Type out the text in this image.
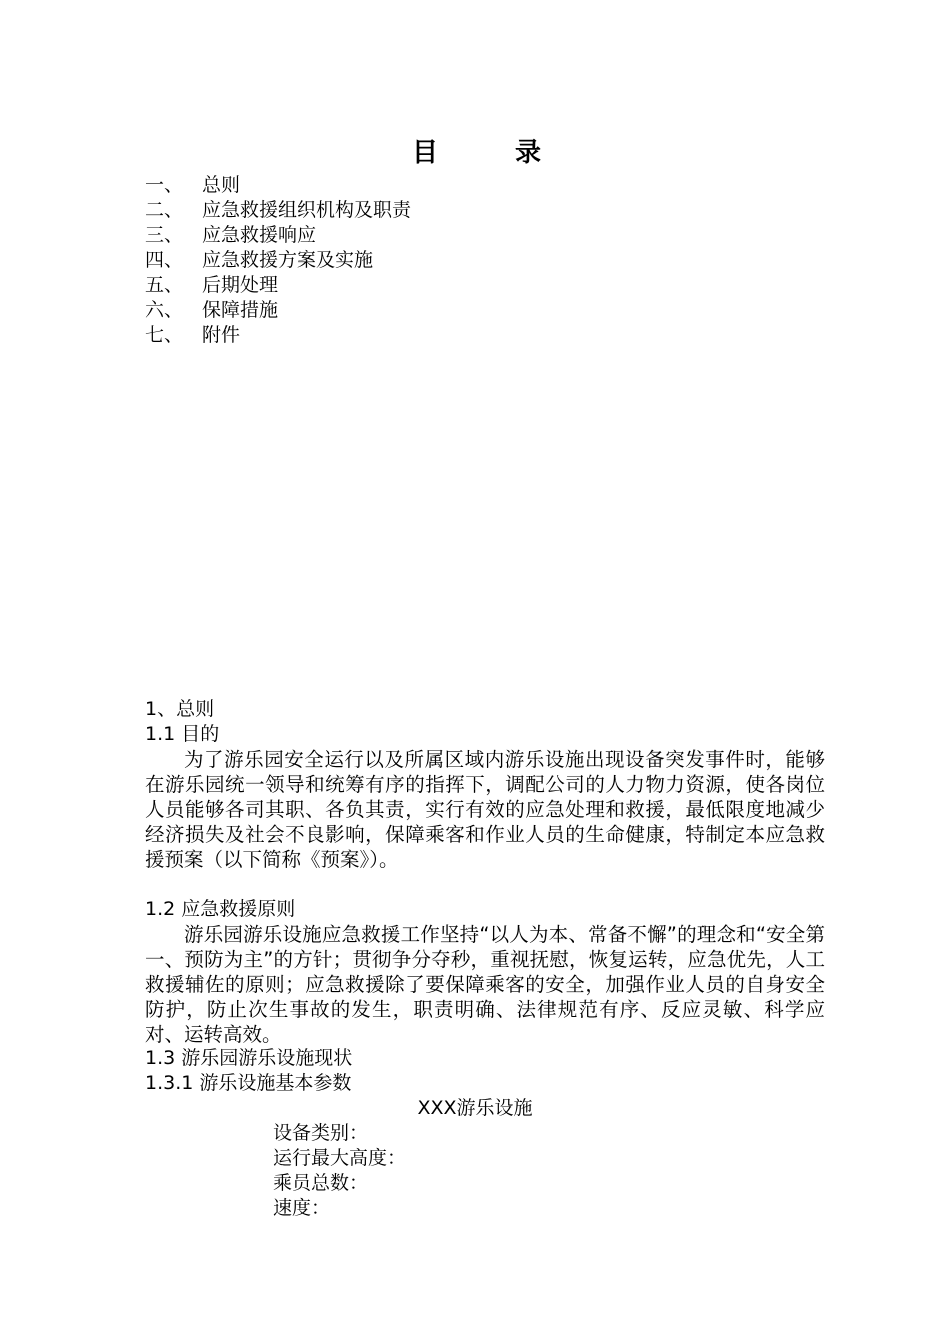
目	录
一、 总则
二、 应急救援组织机构及职责
三、 应急救援响应
四、 应急救援方案及实施
五、 后期处理
六、 保障措施
七、 附件
1、总则
1.1 目的
为了游乐园安全运行以及所属区域内游乐设施出现设备突发事件时，能够在游乐园统一领导和统筹有序的指挥下，调配公司的人力物力资源，使各岗位人员能够各司其职、各负其责，实行有效的应急处理和救援，最低限度地减少经济损失及社会不良影响，保障乘客和作业人员的生命健康，特制定本应急救援预案（以下简称《预案》）。
1.2 应急救援原则
游乐园游乐设施应急救援工作坚持“以人为本、常备不懈”的理念和“安全第一、预防为主”的方针；贯彻争分夺秒，重视抚慰，恢复运转，应急优先，人工救援辅佐的原则；应急救援除了要保障乘客的安全，加强作业人员的自身安全防护，防止次生事故的发生，职责明确、法律规范有序、反应灵敏、科学应对、运转高效。
1.3 游乐园游乐设施现状
1.3.1 游乐设施基本参数
XXX游乐设施
设备类别：
运行最大高度：
乘员总数：
速度：
